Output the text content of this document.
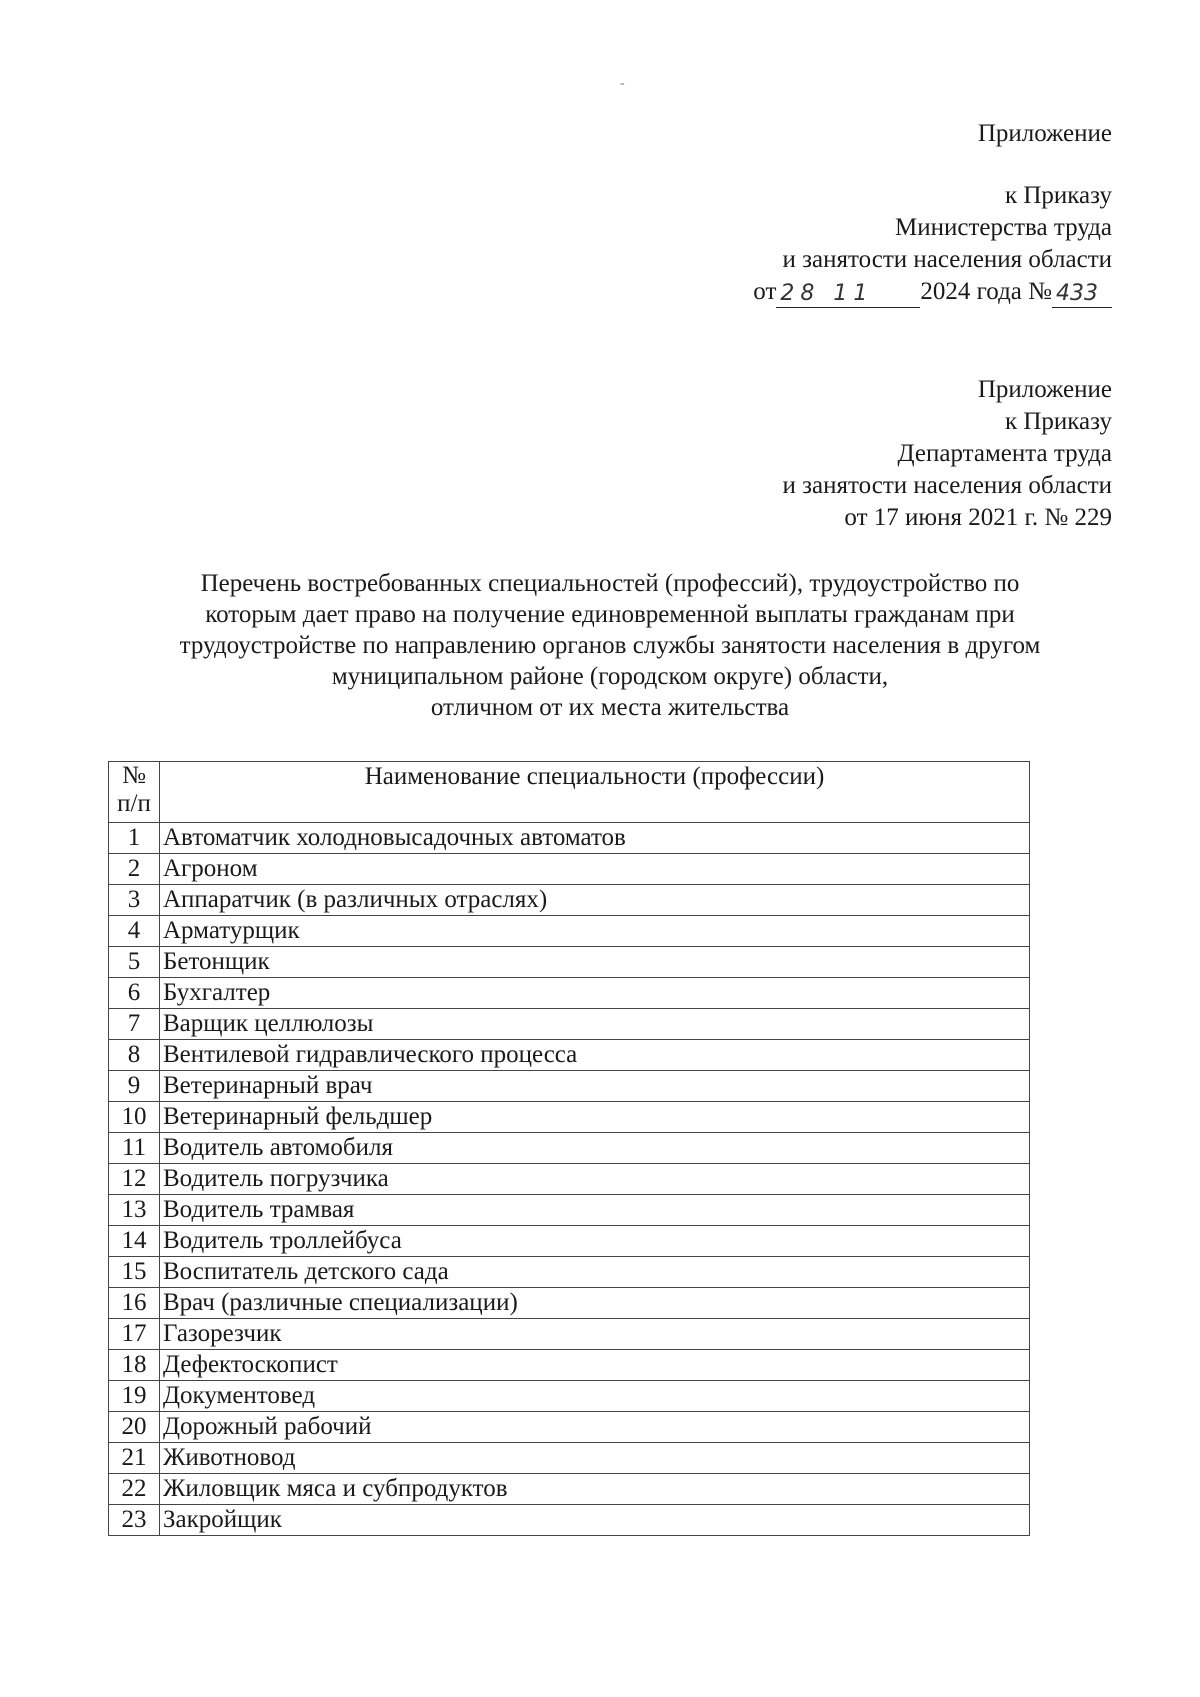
-
Приложение
к Приказу
Министерства труда
и занятости населения области
от 28 11	2024 года № 433
Приложение
к Приказу
Департамента труда
и занятости населения области
от 17 июня 2021 г. № 229
Перечень востребованных специальностей (профессий), трудоустройство по
которым дает право на получение единовременной выплаты гражданам при
трудоустройстве по направлению органов службы занятости населения в другом
муниципальном районе (городском округе) области,
отличном от их места жительства
№
п/п	Наименование специальности (профессии)
1	Автоматчик холодновысадочных автоматов
2	Агроном
3	Аппаратчик (в различных отраслях)
4	Арматурщик
5	Бетонщик
6	Бухгалтер
7	Варщик целлюлозы
8	Вентилевой гидравлического процесса
9	Ветеринарный врач
10	Ветеринарный фельдшер
11	Водитель автомобиля
12	Водитель погрузчика
13	Водитель трамвая
14	Водитель троллейбуса
15	Воспитатель детского сада
16	Врач (различные специализации)
17	Газорезчик
18	Дефектоскопист
19	Документовед
20	Дорожный рабочий
21	Животновод
22	Жиловщик мяса и субпродуктов
23	Закройщик
